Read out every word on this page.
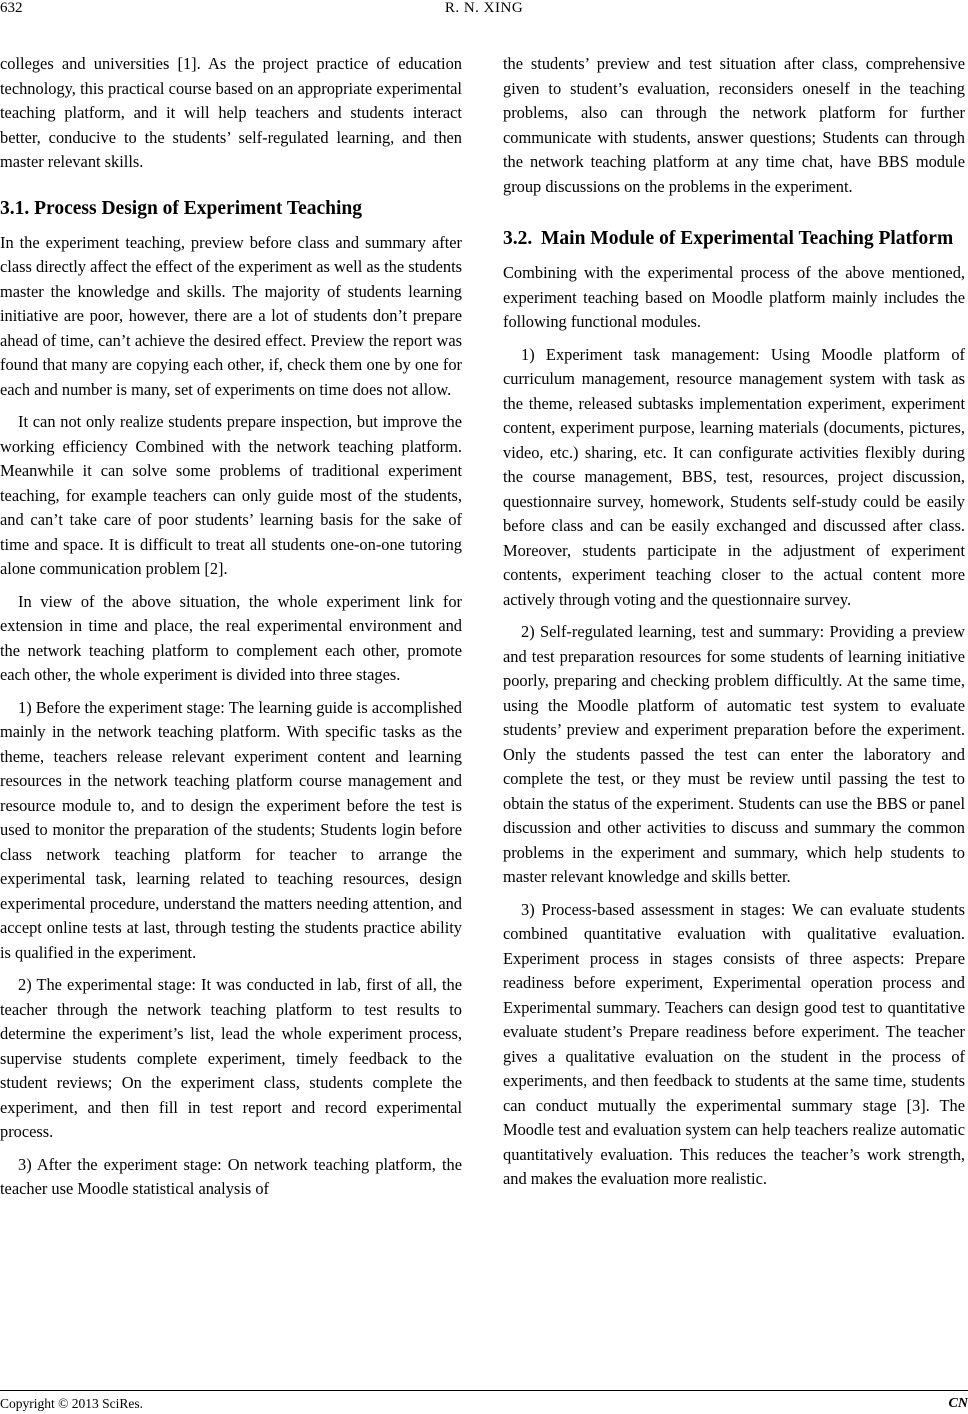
632	R. N. XING

colleges and universities [1]. As the project practice of education technology, this practical course based on an appropriate experimental teaching platform, and it will help teachers and students interact better, conducive to the students’ self-regulated learning, and then master relevant skills.

3.1. Process Design of Experiment Teaching

In the experiment teaching, preview before class and summary after class directly affect the effect of the experiment as well as the students master the knowledge and skills. The majority of students learning initiative are poor, however, there are a lot of students don’t prepare ahead of time, can’t achieve the desired effect. Preview the report was found that many are copying each other, if, check them one by one for each and number is many, set of experiments on time does not allow.

It can not only realize students prepare inspection, but improve the working efficiency Combined with the network teaching platform. Meanwhile it can solve some problems of traditional experiment teaching, for example teachers can only guide most of the students, and can’t take care of poor students’ learning basis for the sake of time and space. It is difficult to treat all students one-on-one tutoring alone communication problem [2].

In view of the above situation, the whole experiment link for extension in time and place, the real experimental environment and the network teaching platform to complement each other, promote each other, the whole experiment is divided into three stages.

1) Before the experiment stage: The learning guide is accomplished mainly in the network teaching platform. With specific tasks as the theme, teachers release relevant experiment content and learning resources in the network teaching platform course management and resource module to, and to design the experiment before the test is used to monitor the preparation of the students; Students login before class network teaching platform for teacher to arrange the experimental task, learning related to teaching resources, design experimental procedure, understand the matters needing attention, and accept online tests at last, through testing the students practice ability is qualified in the experiment.

2) The experimental stage: It was conducted in lab, first of all, the teacher through the network teaching platform to test results to determine the experiment’s list, lead the whole experiment process, supervise students complete experiment, timely feedback to the student reviews; On the experiment class, students complete the experiment, and then fill in test report and record experimental process.

3) After the experiment stage: On network teaching platform, the teacher use Moodle statistical analysis of

the students’ preview and test situation after class, comprehensive given to student’s evaluation, reconsiders oneself in the teaching problems, also can through the network platform for further communicate with students, answer questions; Students can through the network teaching platform at any time chat, have BBS module group discussions on the problems in the experiment.

3.2. Main Module of Experimental Teaching Platform

Combining with the experimental process of the above mentioned, experiment teaching based on Moodle platform mainly includes the following functional modules.

1) Experiment task management: Using Moodle platform of curriculum management, resource management system with task as the theme, released subtasks implementation experiment, experiment content, experiment purpose, learning materials (documents, pictures, video, etc.) sharing, etc. It can configurate activities flexibly during the course management, BBS, test, resources, project discussion, questionnaire survey, homework, Students self-study could be easily before class and can be easily exchanged and discussed after class. Moreover, students participate in the adjustment of experiment contents, experiment teaching closer to the actual content more actively through voting and the questionnaire survey.

2) Self-regulated learning, test and summary: Providing a preview and test preparation resources for some students of learning initiative poorly, preparing and checking problem difficultly. At the same time, using the Moodle platform of automatic test system to evaluate students’ preview and experiment preparation before the experiment. Only the students passed the test can enter the laboratory and complete the test, or they must be review until passing the test to obtain the status of the experiment. Students can use the BBS or panel discussion and other activities to discuss and summary the common problems in the experiment and summary, which help students to master relevant knowledge and skills better.

3) Process-based assessment in stages: We can evaluate students combined quantitative evaluation with qualitative evaluation. Experiment process in stages consists of three aspects: Prepare readiness before experiment, Experimental operation process and Experimental summary. Teachers can design good test to quantitative evaluate student’s Prepare readiness before experiment. The teacher gives a qualitative evaluation on the student in the process of experiments, and then feedback to students at the same time, students can conduct mutually the experimental summary stage [3]. The Moodle test and evaluation system can help teachers realize automatic quantitatively evaluation. This reduces the teacher’s work strength, and makes the evaluation more realistic.

Copyright © 2013 SciRes.	CN
